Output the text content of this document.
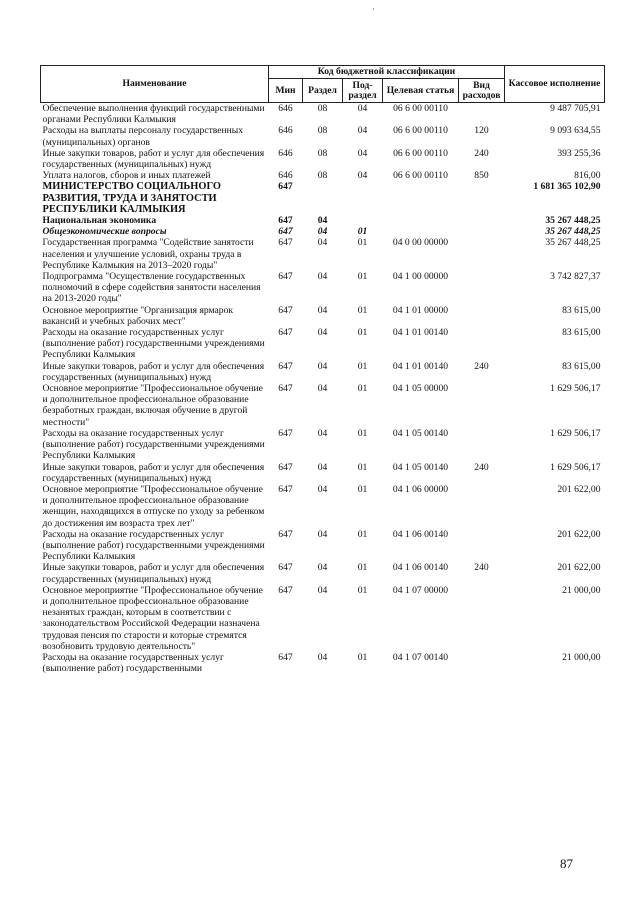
·
Наименование	Код бюджетной классификации					Кассовое исполнение
	Мин	Раздел	Под-раздел	Целевая статья	Вид расходов	
Обеспечение выполнения функций государственными органами Республики Калмыкия	646	08	04	06 6 00 00110		9 487 705,91
Расходы на выплаты персоналу государственных (муниципальных) органов	646	08	04	06 6 00 00110	120	9 093 634,55
Иные закупки товаров, работ и услуг для обеспечения государственных (муниципальных) нужд	646	08	04	06 6 00 00110	240	393 255,36
Уплата налогов, сборов и иных платежей	646	08	04	06 6 00 00110	850	816,00
МИНИСТЕРСТВО СОЦИАЛЬНОГО РАЗВИТИЯ, ТРУДА И ЗАНЯТОСТИ РЕСПУБЛИКИ КАЛМЫКИЯ	647					1 681 365 102,90
Национальная экономика	647	04				35 267 448,25
Общеэкономические вопросы	647	04	01			35 267 448,25
Государственная программа "Содействие занятости населения и улучшение условий, охраны труда в Республике Калмыкия на 2013–2020 годы"	647	04	01	04 0 00 00000		35 267 448,25
Подпрограмма "Осуществление государственных полномочий в сфере содействия занятости населения на 2013-2020 годы"	647	04	01	04 1 00 00000		3 742 827,37
Основное мероприятие "Организация ярмарок вакансий и учебных рабочих мест"	647	04	01	04 1 01 00000		83 615,00
Расходы на оказание государственных услуг (выполнение работ) государственными учреждениями Республики Калмыкия	647	04	01	04 1 01 00140		83 615,00
Иные закупки товаров, работ и услуг для обеспечения государственных (муниципальных) нужд	647	04	01	04 1 01 00140	240	83 615,00
Основное мероприятие "Профессиональное обучение и дополнительное профессиональное образование безработных граждан, включая обучение в другой местности"	647	04	01	04 1 05 00000		1 629 506,17
Расходы на оказание государственных услуг (выполнение работ) государственными учреждениями Республики Калмыкия	647	04	01	04 1 05 00140		1 629 506,17
Иные закупки товаров, работ и услуг для обеспечения государственных (муниципальных) нужд	647	04	01	04 1 05 00140	240	1 629 506,17
Основное мероприятие "Профессиональное обучение и дополнительное профессиональное образование женщин, находящихся в отпуске по уходу за ребенком до достижения им возраста трех лет"	647	04	01	04 1 06 00000		201 622,00
Расходы на оказание государственных услуг (выполнение работ) государственными учреждениями Республики Калмыкия	647	04	01	04 1 06 00140		201 622,00
Иные закупки товаров, работ и услуг для обеспечения государственных (муниципальных) нужд	647	04	01	04 1 06 00140	240	201 622,00
Основное мероприятие "Профессиональное обучение и дополнительное профессиональное образование незанятых граждан, которым в соответствии с законодательством Российской Федерации назначена трудовая пенсия по старости и которые стремятся возобновить трудовую деятельность"	647	04	01	04 1 07 00000		21 000,00
Расходы на оказание государственных услуг (выполнение работ) государственными	647	04	01	04 1 07 00140		21 000,00
87
